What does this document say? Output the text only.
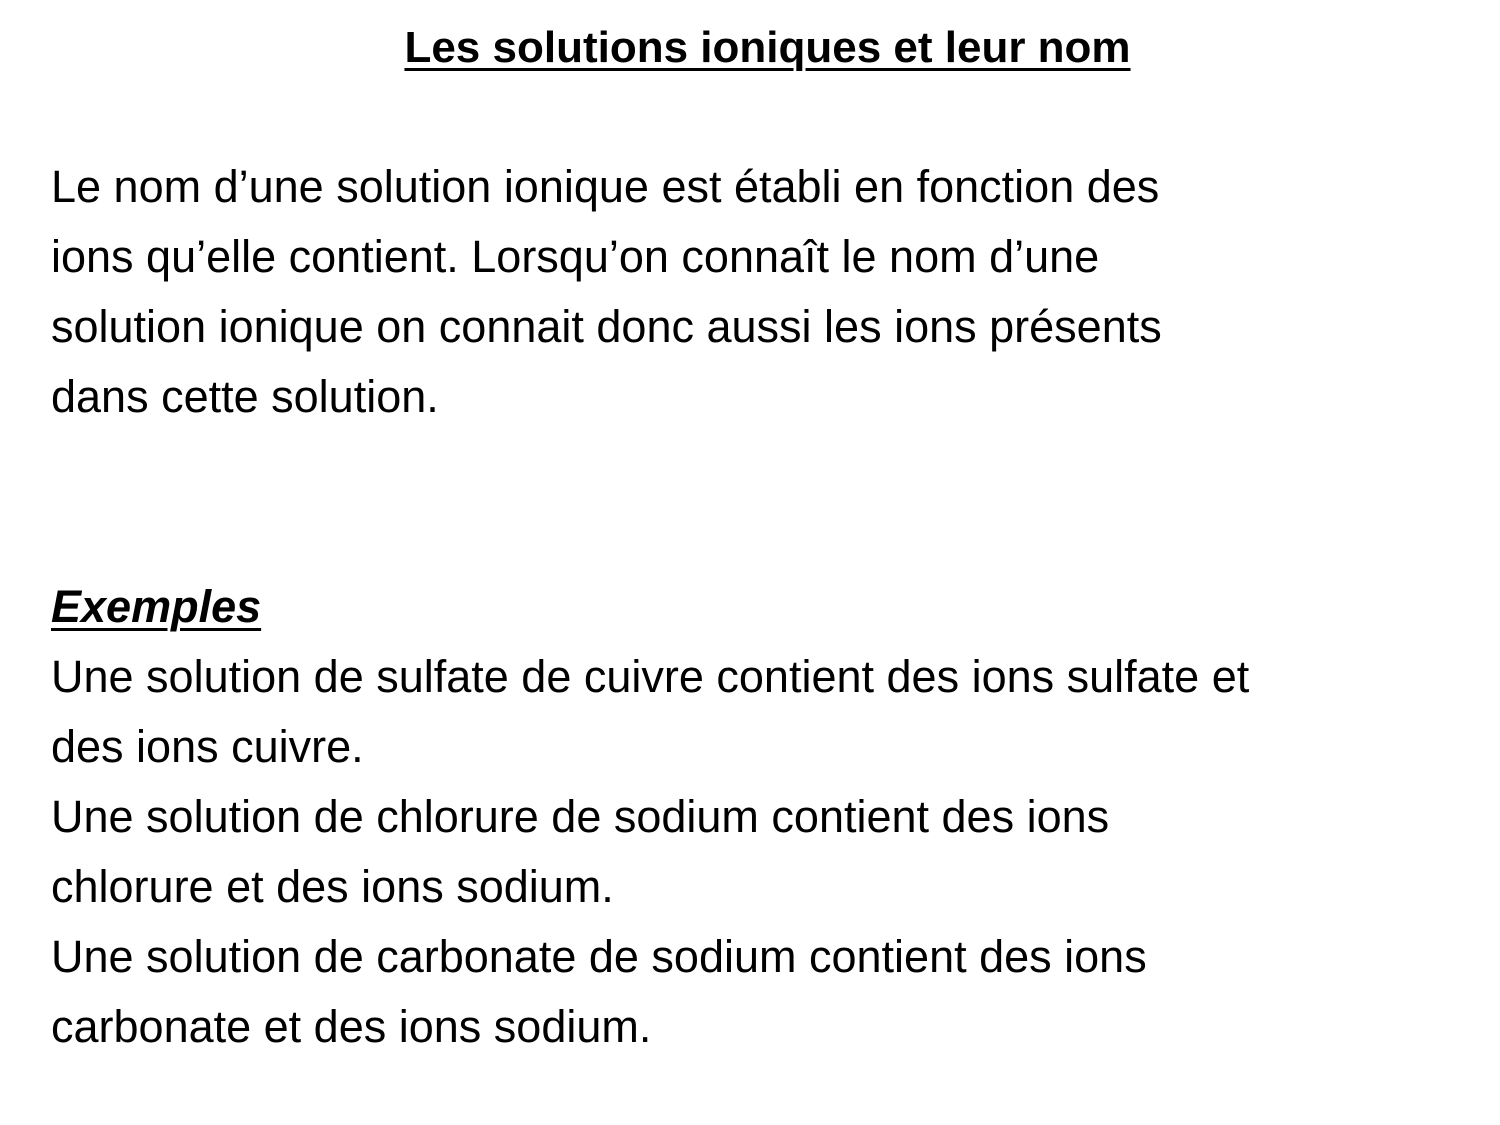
Les solutions ioniques et leur nom
Le nom d’une solution ionique est établi en fonction des
ions qu’elle contient. Lorsqu’on connaît le nom d’une
solution ionique on connait donc aussi les ions présents
dans cette solution.
Exemples
Une solution de sulfate de cuivre contient des ions sulfate et
des ions cuivre.
Une solution de chlorure de sodium contient des ions
chlorure et des ions sodium.
Une solution de carbonate de sodium contient des ions
carbonate et des ions sodium.
